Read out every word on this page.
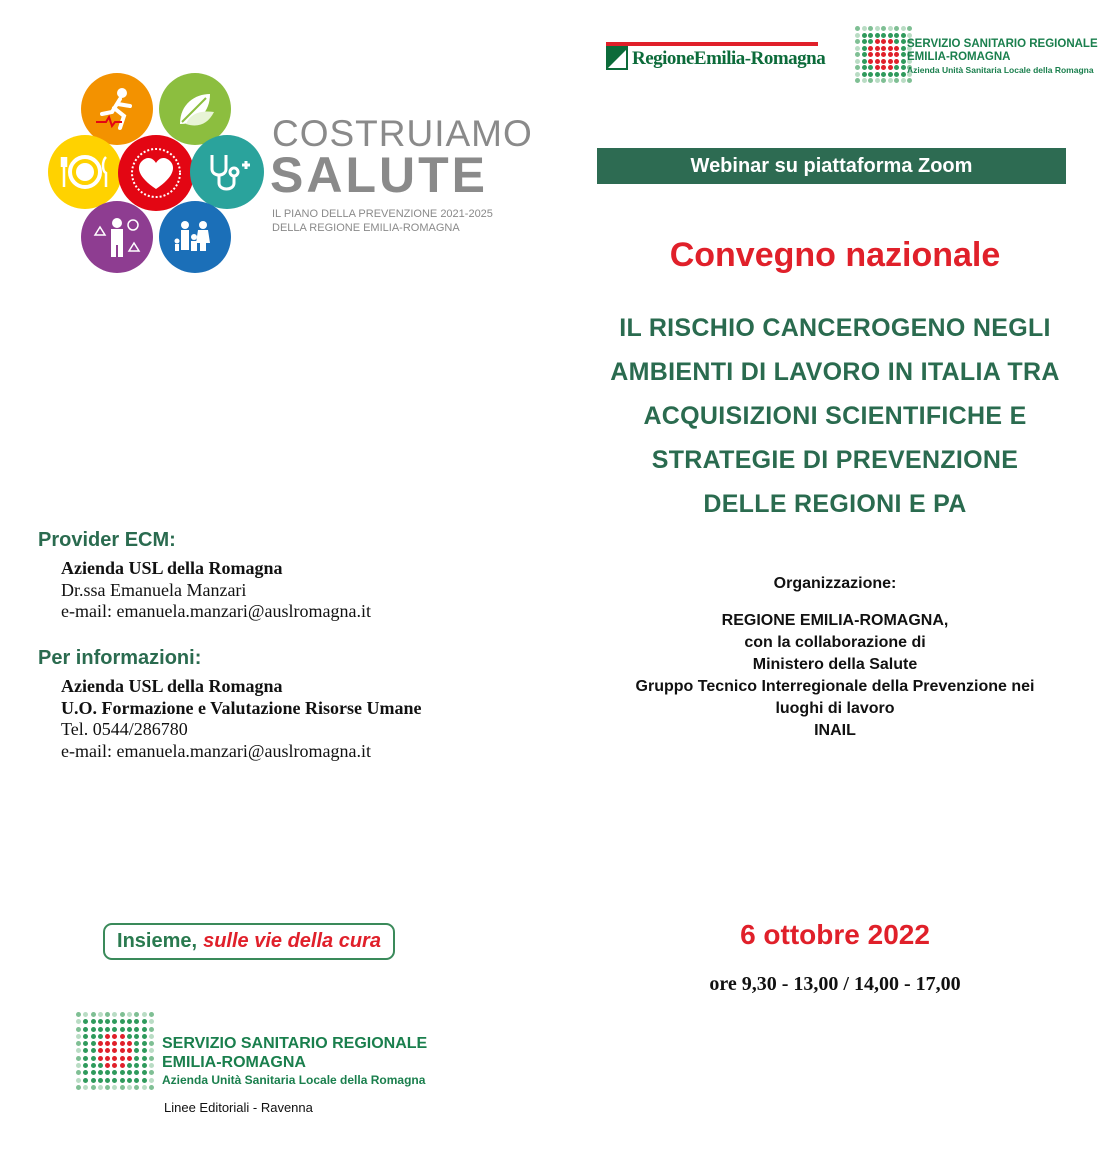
COSTRUIAMO
SALUTE
IL PIANO DELLA PREVENZIONE 2021-2025
DELLA REGIONE EMILIA-ROMAGNA
RegioneEmilia-Romagna
SERVIZIO SANITARIO REGIONALE
EMILIA-ROMAGNA
Azienda Unità Sanitaria Locale della Romagna
Webinar su piattaforma Zoom
Convegno nazionale
IL RISCHIO CANCEROGENO NEGLI
AMBIENTI DI LAVORO IN ITALIA TRA
ACQUISIZIONI SCIENTIFICHE E
STRATEGIE DI PREVENZIONE
DELLE REGIONI E PA
Organizzazione:
REGIONE EMILIA-ROMAGNA,
con la collaborazione di
Ministero della Salute
Gruppo Tecnico Interregionale della Prevenzione nei
luoghi di lavoro
INAIL
Provider ECM:
Azienda USL della Romagna
Dr.ssa Emanuela Manzari
e-mail: emanuela.manzari@auslromagna.it
Per informazioni:
Azienda USL della Romagna
U.O. Formazione e Valutazione Risorse Umane
Tel. 0544/286780
e-mail: emanuela.manzari@auslromagna.it
Insieme, sulle vie della cura	6 ottobre 2022
ore 9,30 - 13,00 / 14,00 - 17,00
SERVIZIO SANITARIO REGIONALE
EMILIA-ROMAGNA
Azienda Unità Sanitaria Locale della Romagna
Linee Editoriali - Ravenna
